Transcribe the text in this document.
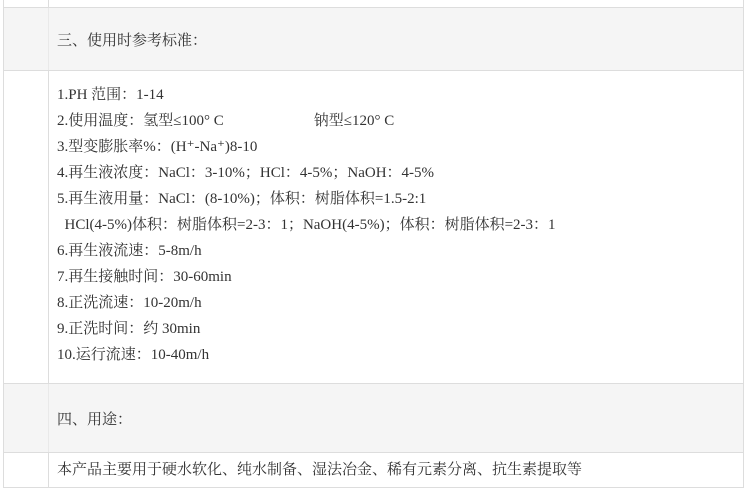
三、使用时参考标准：
1.PH 范围：1-14
2.使用温度：氢型≤100° C　　　　　　钠型≤120° C
3.型变膨胀率%：(H⁺-Na⁺)8-10
4.再生液浓度：NaCl：3-10%；HCl：4-5%；NaOH：4-5%
5.再生液用量：NaCl：(8-10%)；体积：树脂体积=1.5-2:1
HCl(4-5%)体积：树脂体积=2-3：1；NaOH(4-5%)；体积：树脂体积=2-3：1
6.再生液流速：5-8m/h
7.再生接触时间：30-60min
8.正洗流速：10-20m/h
9.正洗时间：约 30min
10.运行流速：10-40m/h
四、用途：
本产品主要用于硬水软化、纯水制备、湿法冶金、稀有元素分离、抗生素提取等
